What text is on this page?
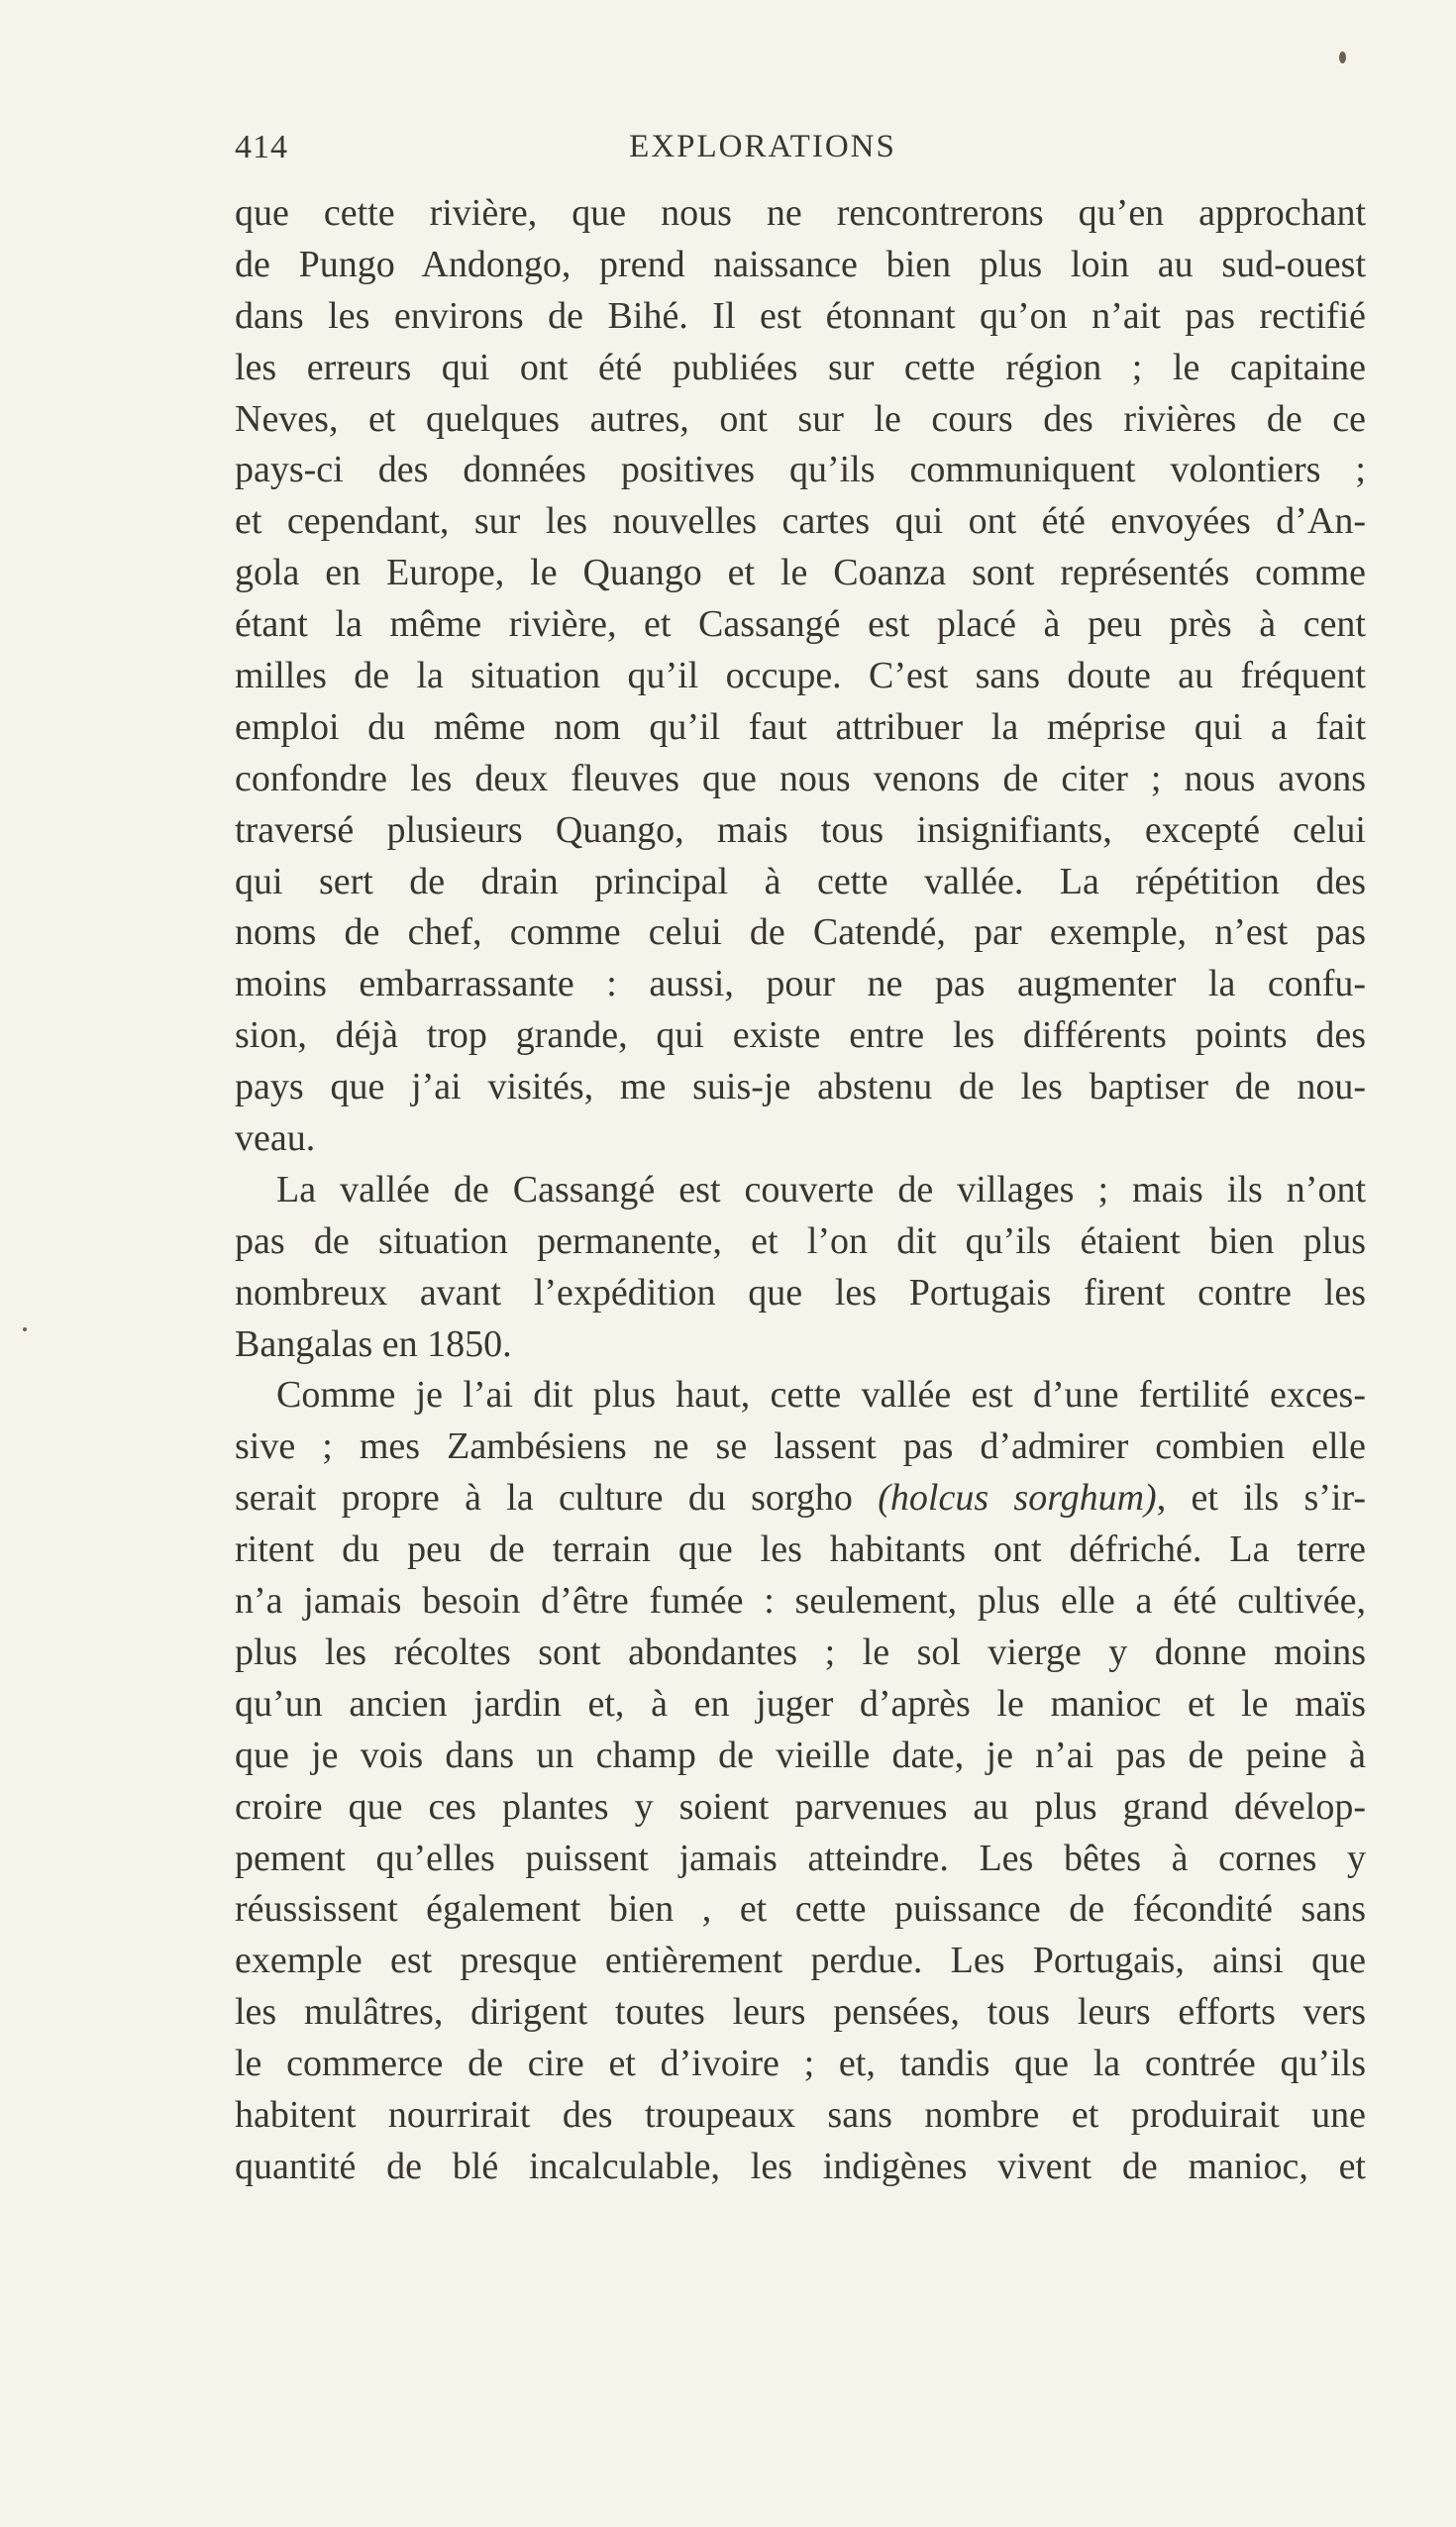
414	EXPLORATIONS
que cette rivière, que nous ne rencontrerons qu’en approchant
de Pungo Andongo, prend naissance bien plus loin au sud-ouest
dans les environs de Bihé. Il est étonnant qu’on n’ait pas rectifié
les erreurs qui ont été publiées sur cette région ; le capitaine
Neves, et quelques autres, ont sur le cours des rivières de ce
pays-ci des données positives qu’ils communiquent volontiers ;
et cependant, sur les nouvelles cartes qui ont été envoyées d’An-
gola en Europe, le Quango et le Coanza sont représentés comme
étant la même rivière, et Cassangé est placé à peu près à cent
milles de la situation qu’il occupe. C’est sans doute au fréquent
emploi du même nom qu’il faut attribuer la méprise qui a fait
confondre les deux fleuves que nous venons de citer ; nous avons
traversé plusieurs Quango, mais tous insignifiants, excepté celui
qui sert de drain principal à cette vallée. La répétition des
noms de chef, comme celui de Catendé, par exemple, n’est pas
moins embarrassante : aussi, pour ne pas augmenter la confu-
sion, déjà trop grande, qui existe entre les différents points des
pays que j’ai visités, me suis-je abstenu de les baptiser de nou-
veau.
La vallée de Cassangé est couverte de villages ; mais ils n’ont
pas de situation permanente, et l’on dit qu’ils étaient bien plus
nombreux avant l’expédition que les Portugais firent contre les
Bangalas en 1850.
Comme je l’ai dit plus haut, cette vallée est d’une fertilité exces-
sive ; mes Zambésiens ne se lassent pas d’admirer combien elle
serait propre à la culture du sorgho (holcus sorghum), et ils s’ir-
ritent du peu de terrain que les habitants ont défriché. La terre
n’a jamais besoin d’être fumée : seulement, plus elle a été cultivée,
plus les récoltes sont abondantes ; le sol vierge y donne moins
qu’un ancien jardin et, à en juger d’après le manioc et le maïs
que je vois dans un champ de vieille date, je n’ai pas de peine à
croire que ces plantes y soient parvenues au plus grand dévelop-
pement qu’elles puissent jamais atteindre. Les bêtes à cornes y
réussissent également bien , et cette puissance de fécondité sans
exemple est presque entièrement perdue. Les Portugais, ainsi que
les mulâtres, dirigent toutes leurs pensées, tous leurs efforts vers
le commerce de cire et d’ivoire ; et, tandis que la contrée qu’ils
habitent nourrirait des troupeaux sans nombre et produirait une
quantité de blé incalculable, les indigènes vivent de manioc, et
